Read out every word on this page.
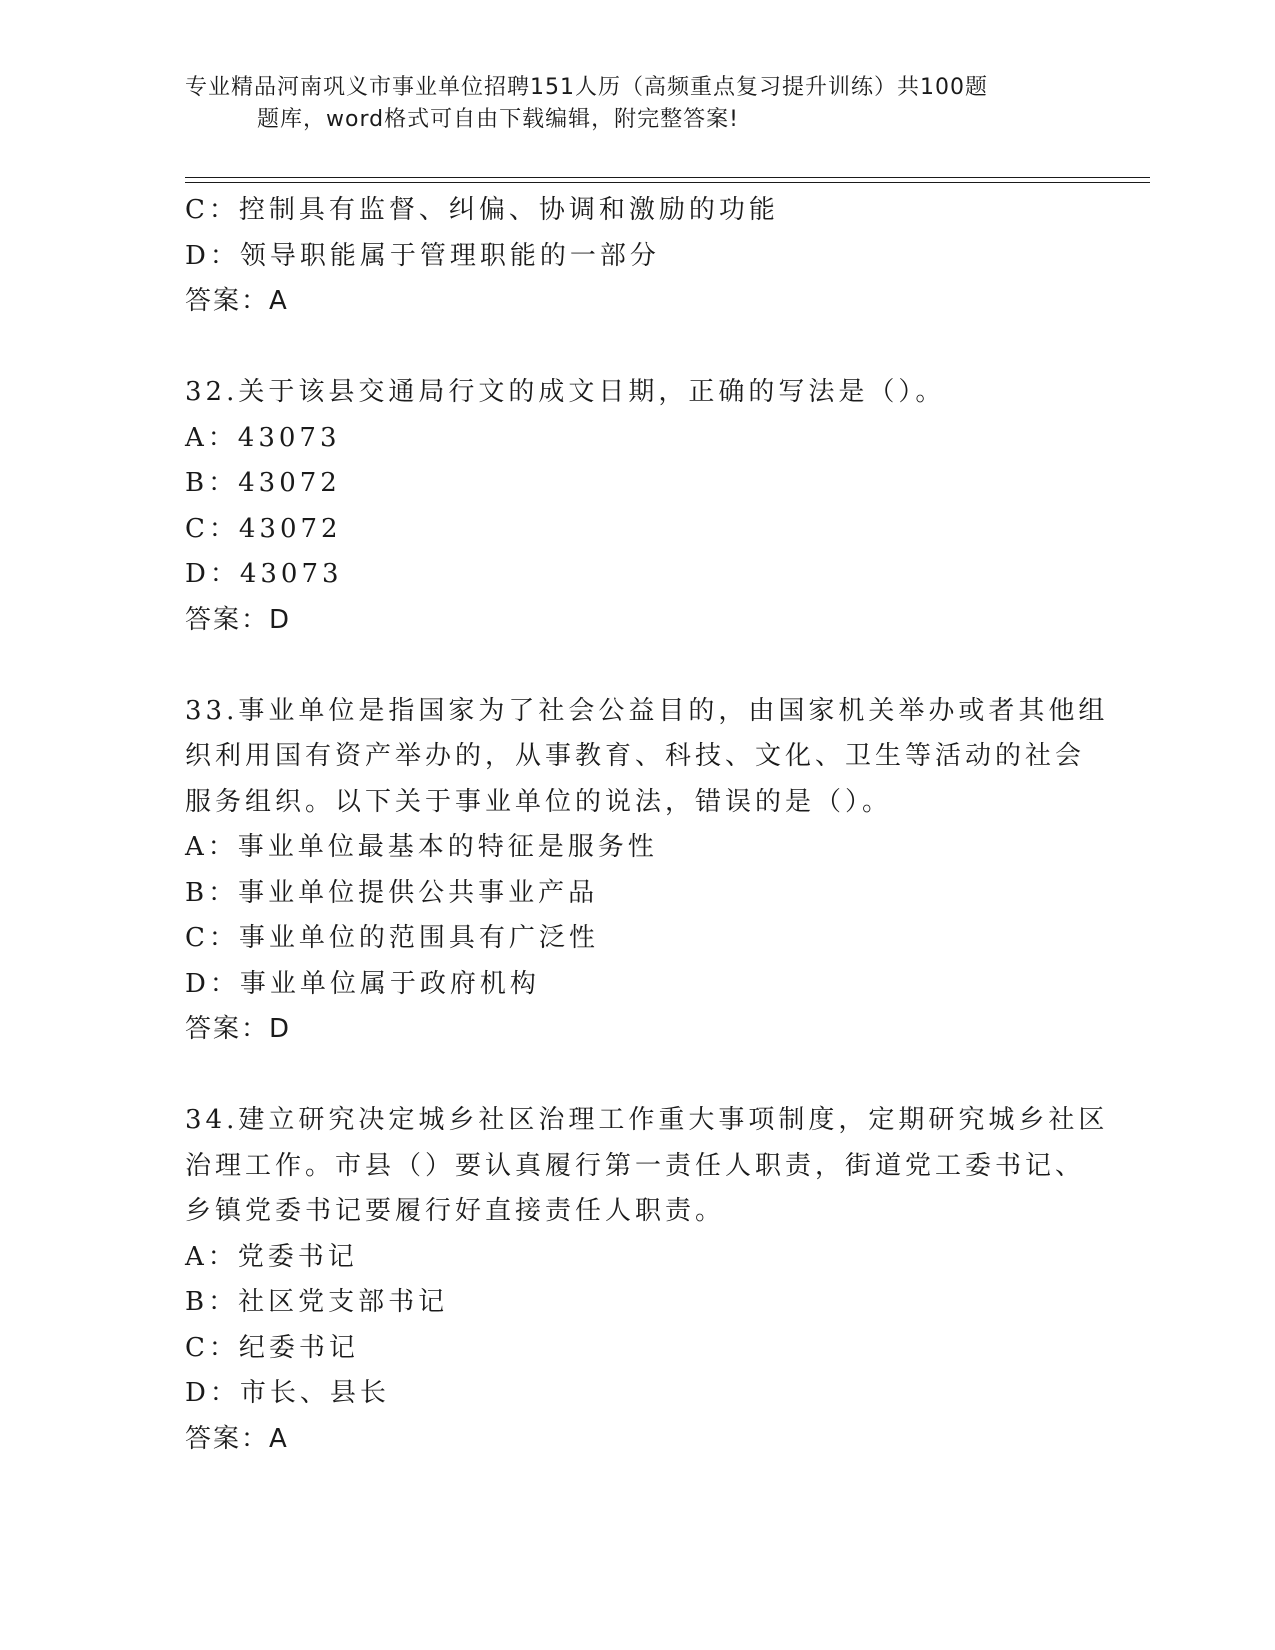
专业精品河南巩义市事业单位招聘151人历（高频重点复习提升训练）共100题
题库，word格式可自由下载编辑，附完整答案!
C：控制具有监督、纠偏、协调和激励的功能
D：领导职能属于管理职能的一部分
答案：A
32.关于该县交通局行文的成文日期，正确的写法是（）。
A：43073
B：43072
C：43072
D：43073
答案：D
33.事业单位是指国家为了社会公益目的，由国家机关举办或者其他组
织利用国有资产举办的，从事教育、科技、文化、卫生等活动的社会
服务组织。以下关于事业单位的说法，错误的是（）。
A：事业单位最基本的特征是服务性
B：事业单位提供公共事业产品
C：事业单位的范围具有广泛性
D：事业单位属于政府机构
答案：D
34.建立研究决定城乡社区治理工作重大事项制度，定期研究城乡社区
治理工作。市县（）要认真履行第一责任人职责，街道党工委书记、
乡镇党委书记要履行好直接责任人职责。
A：党委书记
B：社区党支部书记
C：纪委书记
D：市长、县长
答案：A
